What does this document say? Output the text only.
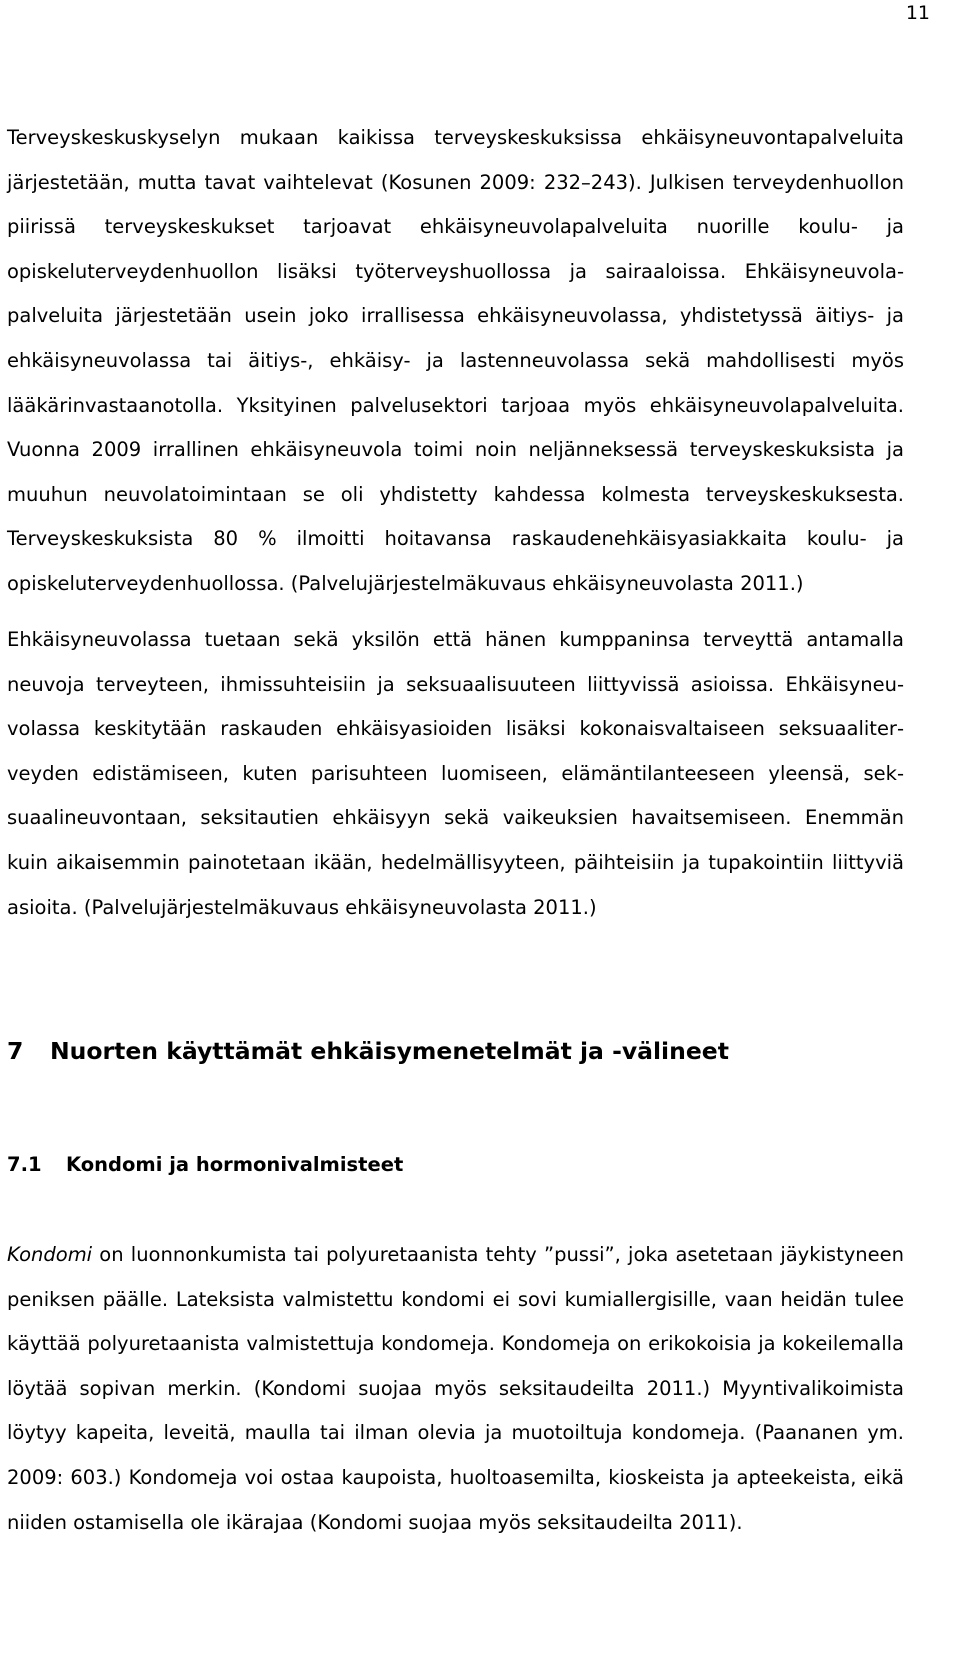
11

Terveyskeskuskyselyn mukaan kaikissa terveyskeskuksissa ehkäisyneuvontapalveluita järjestetään, mutta tavat vaihtelevat (Kosunen 2009: 232–243). Julkisen terveydenhuollon piirissä terveyskeskukset tarjoavat ehkäisyneuvolapalveluita nuorille koulu- ja opiskeluterveydenhuollon lisäksi työterveyshuollossa ja sairaaloissa. Ehkäisyneuvolapalveluita järjestetään usein joko irrallisessa ehkäisyneuvolassa, yhdistetyssä äitiys- ja ehkäisyneuvolassa tai äitiys-, ehkäisy- ja lastenneuvolassa sekä mahdollisesti myös lääkärinvastaanotolla. Yksityinen palvelusektori tarjoaa myös ehkäisyneuvolapalveluita. Vuonna 2009 irrallinen ehkäisyneuvola toimi noin neljänneksessä terveyskeskuksista ja muuhun neuvolatoimintaan se oli yhdistetty kahdessa kolmesta terveyskeskuksesta. Terveyskeskuksista 80 % ilmoitti hoitavansa raskaudenehkäisyasiakkaita koulu- ja opiskeluterveydenhuollossa. (Palvelujärjestelmäkuvaus ehkäisyneuvolasta 2011.)

Ehkäisyneuvolassa tuetaan sekä yksilön että hänen kumppaninsa terveyttä antamalla neuvoja terveyteen, ihmissuhteisiin ja seksuaalisuuteen liittyvissä asioissa. Ehkäisyneuvolassa keskitytään raskauden ehkäisyasioiden lisäksi kokonaisvaltaiseen seksuaaliterveyden edistämiseen, kuten parisuhteen luomiseen, elämäntilanteeseen yleensä, seksuaalineuvontaan, seksitautien ehkäisyyn sekä vaikeuksien havaitsemiseen. Enemmän kuin aikaisemmin painotetaan ikään, hedelmällisyyteen, päihteisiin ja tupakointiin liittyviä asioita. (Palvelujärjestelmäkuvaus ehkäisyneuvolasta 2011.)

7 Nuorten käyttämät ehkäisymenetelmät ja -välineet
7.1 Kondomi ja hormonivalmisteet

Kondomi on luonnonkumista tai polyuretaanista tehty ”pussi”, joka asetetaan jäykistyneen peniksen päälle. Lateksista valmistettu kondomi ei sovi kumiallergisille, vaan heidän tulee käyttää polyuretaanista valmistettuja kondomeja. Kondomeja on erikokoisia ja kokeilemalla löytää sopivan merkin. (Kondomi suojaa myös seksitaudeilta 2011.) Myyntivalikoimista löytyy kapeita, leveitä, maulla tai ilman olevia ja muotoiltuja kondomeja. (Paananen ym. 2009: 603.) Kondomeja voi ostaa kaupoista, huoltoasemilta, kioskeista ja apteekeista, eikä niiden ostamisella ole ikärajaa (Kondomi suojaa myös seksitaudeilta 2011).
